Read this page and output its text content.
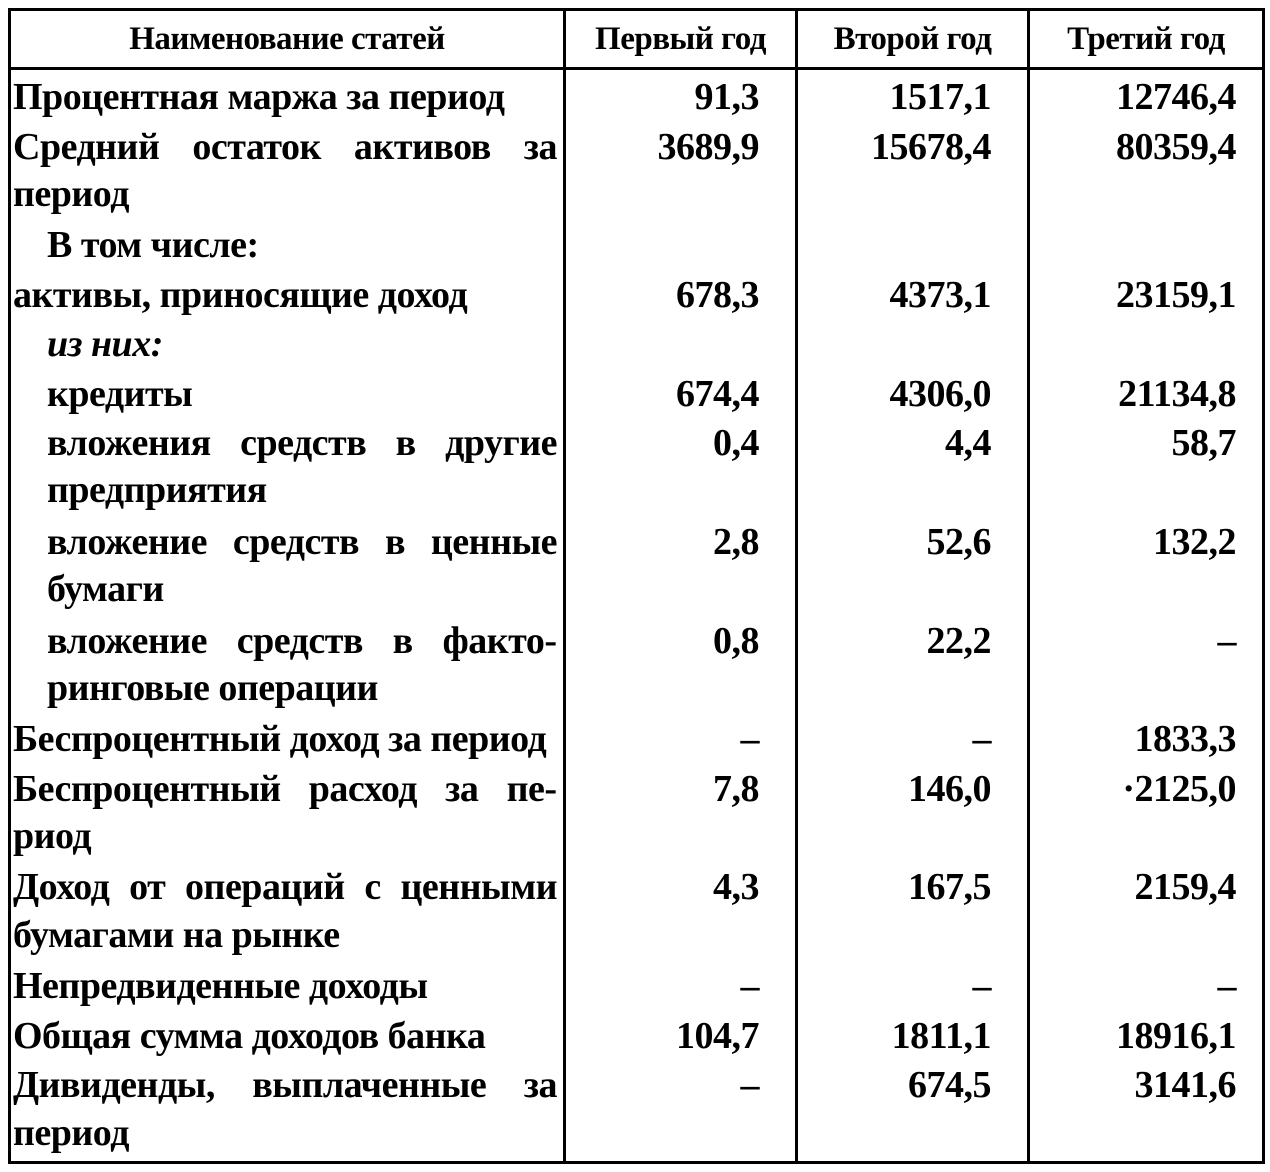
Наименование статей	Первый год	Второй год	Третий год
Процентная маржа за период	91,3	1517,1	12746,4
Средний остаток активов за период	3689,9	15678,4	80359,4
В том числе:			
активы, приносящие доход	678,3	4373,1	23159,1
из них:			
кредиты	674,4	4306,0	21134,8
вложения средств в другие предприятия	0,4	4,4	58,7
вложение средств в ценные бумаги	2,8	52,6	132,2
вложение средств в факторинговые операции	0,8	22,2	–
Беспроцентный доход за период	–	–	1833,3
Беспроцентный расход за период	7,8	146,0	·2125,0
Доход от операций с ценными бумагами на рынке	4,3	167,5	2159,4
Непредвиденные доходы	–	–	–
Общая сумма доходов банка	104,7	1811,1	18916,1
Дивиденды, выплаченные за период	–	674,5	3141,6
